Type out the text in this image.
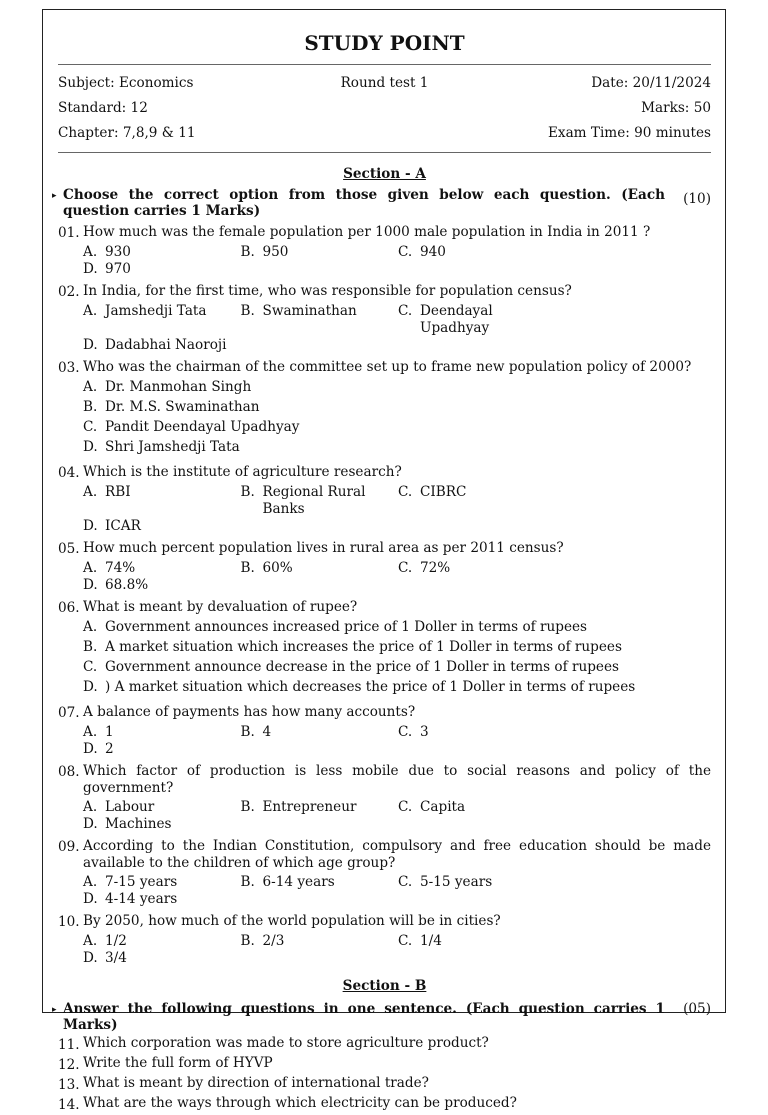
STUDY POINT
Subject: Economics	Round test 1	Date: 20/11/2024
Standard: 12	Marks: 50
Chapter: 7,8,9 & 11	Exam Time: 90 minutes
Section - A
▸ Choose the correct option from those given below each question. (Each question carries 1 Marks)
(10)
01. How much was the female population per 1000 male population in India in 2011 ?
A. 930	B. 950	C. 940
D. 970
02. In India, for the first time, who was responsible for population census?
A. Jamshedji Tata	B. Swaminathan	C. Deendayal Upadhyay
D. Dadabhai Naoroji
03. Who was the chairman of the committee set up to frame new population policy of 2000?
A. Dr. Manmohan Singh
B. Dr. M.S. Swaminathan
C. Pandit Deendayal Upadhyay
D. Shri Jamshedji Tata
04. Which is the institute of agriculture research?
A. RBI	B. Regional Rural Banks
C. CIBRC
D. ICAR
05. How much percent population lives in rural area as per 2011 census?
A. 74%	B. 60%	C. 72%
D. 68.8%
06. What is meant by devaluation of rupee?
A. Government announces increased price of 1 Doller in terms of rupees
B. A market situation which increases the price of 1 Doller in terms of rupees
C. Government announce decrease in the price of 1 Doller in terms of rupees
D. ) A market situation which decreases the price of 1 Doller in terms of rupees
07. A balance of payments has how many accounts?
A. 1	B. 4	C. 3
D. 2
08. Which factor of production is less mobile due to social reasons and policy of the government?
A. Labour	B. Entrepreneur	C. Capita
D. Machines
09. According to the Indian Constitution, compulsory and free education should be made available to the children of which age group?
A. 7-15 years	B. 6-14 years	C. 5-15 years
D. 4-14 years
10. By 2050, how much of the world population will be in cities?
A. 1/2	B. 2/3	C. 1/4
D. 3/4
Section - B
▸ Answer the following questions in one sentence. (Each question carries 1 Marks)
(05)
11. Which corporation was made to store agriculture product?
12. Write the full form of HYVP
13. What is meant by direction of international trade?
14. What are the ways through which electricity can be produced?
